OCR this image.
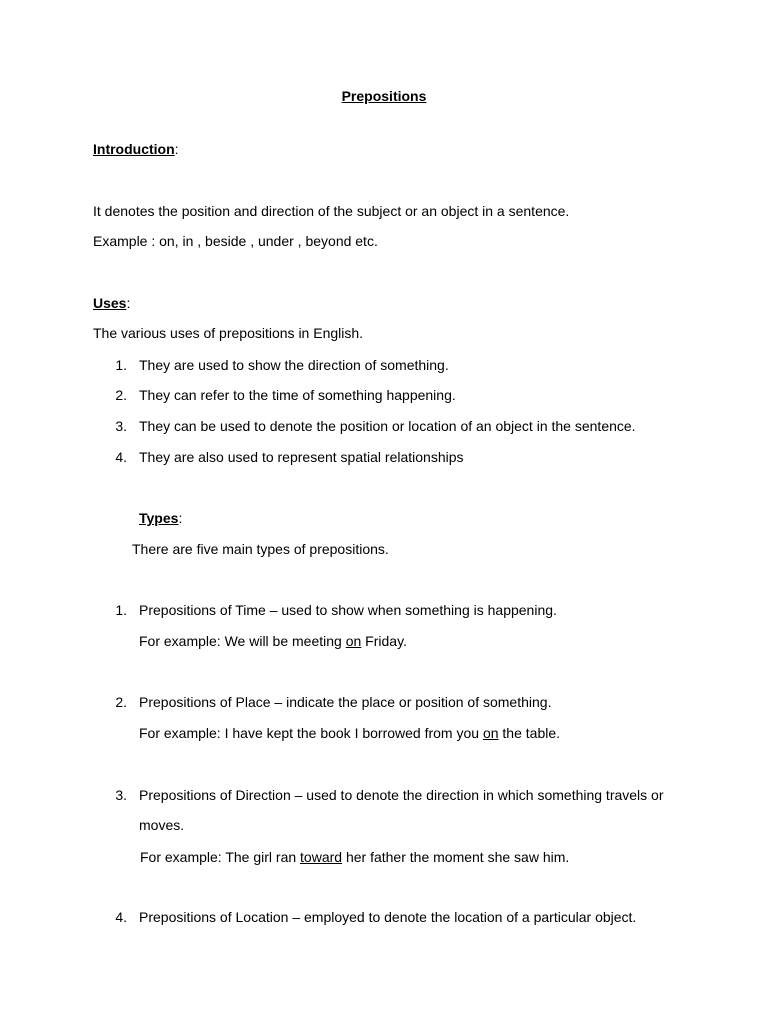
Prepositions
Introduction:
It denotes the position and direction of the subject or an object in a sentence.
Example : on, in , beside , under , beyond etc.
Uses:
The various uses of prepositions in English.
1. They are used to show the direction of something.
2. They can refer to the time of something happening.
3. They can be used to denote the position or location of an object in the sentence.
4. They are also used to represent spatial relationships
Types:
There are five main types of prepositions.
1. Prepositions of Time – used to show when something is happening.
For example: We will be meeting on Friday.
2. Prepositions of Place – indicate the place or position of something.
For example: I have kept the book I borrowed from you on the table.
3. Prepositions of Direction – used to denote the direction in which something travels or
moves.
For example: The girl ran toward her father the moment she saw him.
4. Prepositions of Location – employed to denote the location of a particular object.
